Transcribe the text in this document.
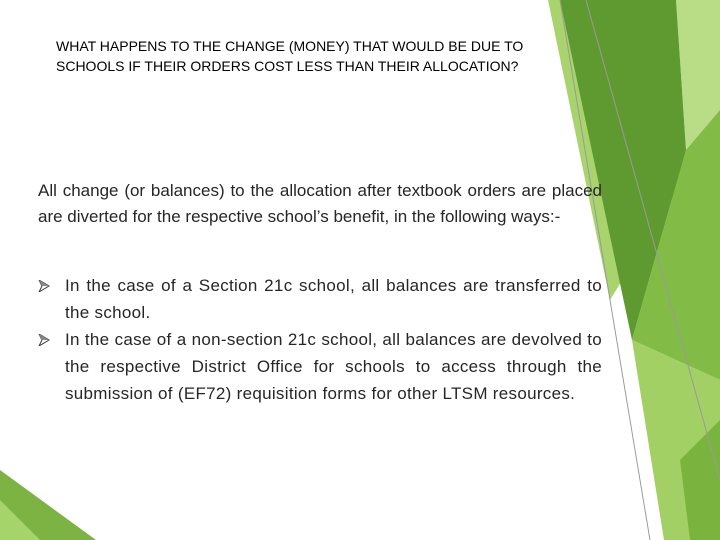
WHAT HAPPENS TO THE CHANGE (MONEY) THAT WOULD BE DUE TO
SCHOOLS IF THEIR ORDERS COST LESS THAN THEIR ALLOCATION?

All change (or balances) to the allocation after textbook orders are placed are diverted for the respective school’s benefit, in the following ways:-

In the case of a Section 21c school, all balances are transferred to the school.
In the case of a non-section 21c school, all balances are devolved to the respective District Office for schools to access through the submission of (EF72) requisition forms for other LTSM resources.
